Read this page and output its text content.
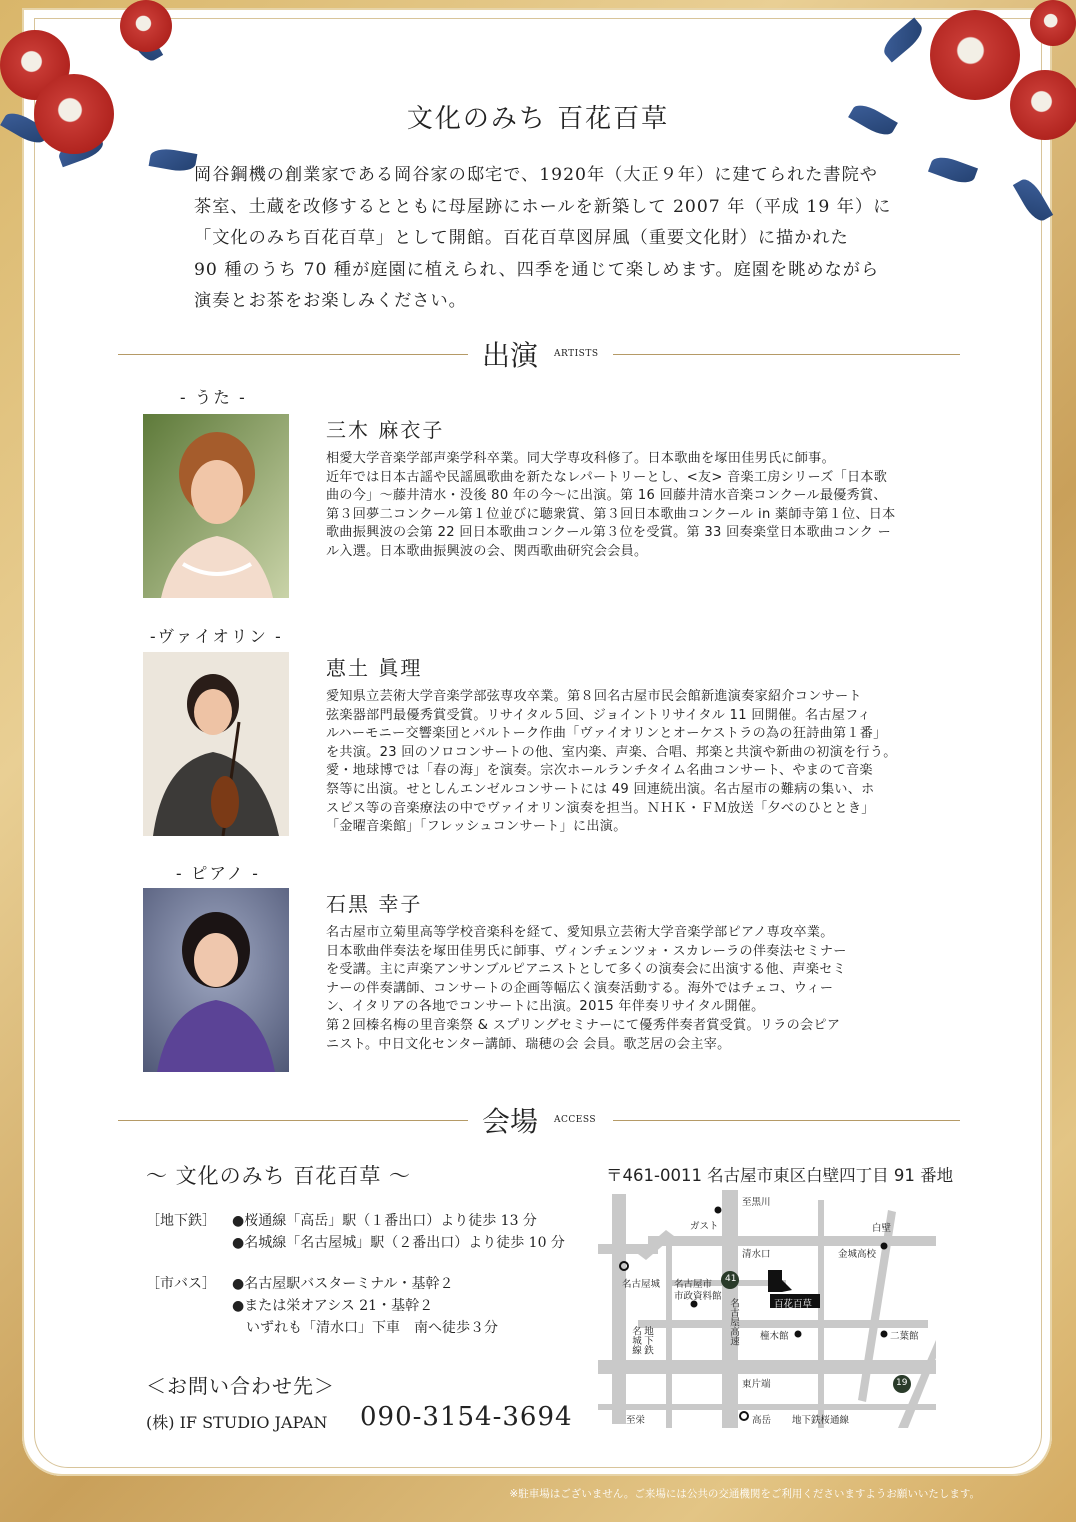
文化のみち 百花百草

岡谷鋼機の創業家である岡谷家の邸宅で、1920年（大正９年）に建てられた書院や

茶室、土蔵を改修するとともに母屋跡にホールを新築して 2007 年（平成 19 年）に

「文化のみち百花百草」として開館。百花百草図屏風（重要文化財）に描かれた

90 種のうち 70 種が庭園に植えられ、四季を通じて楽しめます。庭園を眺めながら

演奏とお茶をお楽しみください。

出演 ARTISTS
- うた -
三木 麻衣子

相愛大学音楽学部声楽学科卒業。同大学専攻科修了。日本歌曲を塚田佳男氏に師事。

近年では日本古謡や民謡風歌曲を新たなレパートリーとし、<友> 音楽工房シリーズ「日本歌

曲の今」～藤井清水・没後 80 年の今～に出演。第 16 回藤井清水音楽コンクール最優秀賞、

第３回夢二コンクール第１位並びに聴衆賞、第３回日本歌曲コンクール in 薬師寺第１位、日本

歌曲振興波の会第 22 回日本歌曲コンクール第３位を受賞。第 33 回奏楽堂日本歌曲コンク ー

ル入選。日本歌曲振興波の会、関西歌曲研究会会員。

-ヴァイオリン -
恵土 眞理

愛知県立芸術大学音楽学部弦専攻卒業。第８回名古屋市民会館新進演奏家紹介コンサート

弦楽器部門最優秀賞受賞。リサイタル５回、ジョイントリサイタル 11 回開催。名古屋フィ

ルハーモニー交響楽団とバルトーク作曲「ヴァイオリンとオーケストラの為の狂詩曲第１番」

を共演。23 回のソロコンサートの他、室内楽、声楽、合唱、邦楽と共演や新曲の初演を行う。

愛・地球博では「春の海」を演奏。宗次ホールランチタイム名曲コンサート、やまのて音楽

祭等に出演。せとしんエンゼルコンサートには 49 回連続出演。名古屋市の難病の集い、ホ

スピス等の音楽療法の中でヴァイオリン演奏を担当。ＮＨＫ・ＦＭ放送「夕べのひととき」

「金曜音楽館」「フレッシュコンサート」に出演。

- ピアノ -
石黒 幸子

名古屋市立菊里高等学校音楽科を経て、愛知県立芸術大学音楽学部ピアノ専攻卒業。

日本歌曲伴奏法を塚田佳男氏に師事、ヴィンチェンツォ・スカレーラの伴奏法セミナー

を受講。主に声楽アンサンブルピアニストとして多くの演奏会に出演する他、声楽セミ

ナーの伴奏講師、コンサートの企画等幅広く演奏活動する。海外ではチェコ、ウィー

ン、イタリアの各地でコンサートに出演。2015 年伴奏リサイタル開催。

第２回榛名梅の里音楽祭 & スプリングセミナーにて優秀伴奏者賞受賞。リラの会ピア

ニスト。中日文化センター講師、瑞穂の会 会員。歌芝居の会主宰。

会場 ACCESS
～ 文化のみち 百花百草 ～
［地下鉄］ ●桜通線「高岳」駅（１番出口）より徒歩 13 分
●名城線「名古屋城」駅（２番出口）より徒歩 10 分
［市バス］ ●名古屋駅バスターミナル・基幹２
●または栄オアシス 21・基幹２
いずれも「清水口」下車　南へ徒歩３分
＜お問い合わせ先＞
(株) IF STUDIO JAPAN 090-3154-3694
〒461-0011 名古屋市東区白壁四丁目 91 番地
至黒川
ガスト
清水口
白壁
金城高校
名古屋城 名古屋市
市政資料館
百花百草
41
名古屋高速
名城線 地下鉄	橦木館	二葉館
東片端	19
至栄	高岳 地下鉄桜通線
※駐車場はございません。ご来場には公共の交通機関をご利用くださいますようお願いいたします。
